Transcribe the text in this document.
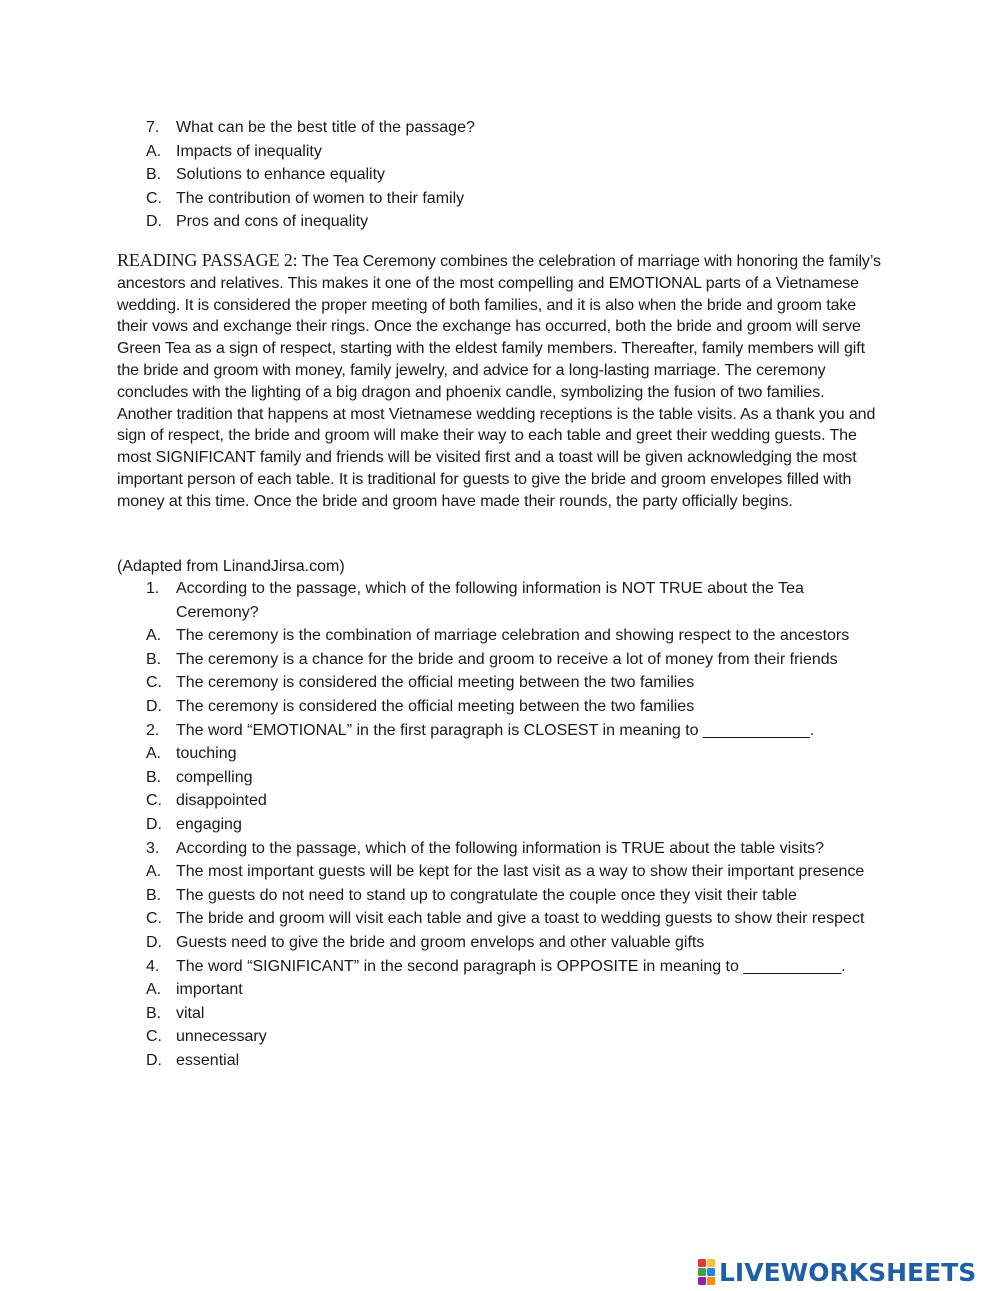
7.	What can be the best title of the passage?
A. Impacts of inequality
B. Solutions to enhance equality
C. The contribution of women to their family
D. Pros and cons of inequality

READING PASSAGE 2: The Tea Ceremony combines the celebration of marriage with honoring the family’s ancestors and relatives. This makes it one of the most compelling and EMOTIONAL parts of a Vietnamese wedding. It is considered the proper meeting of both families, and it is also when the bride and groom take their vows and exchange their rings. Once the exchange has occurred, both the bride and groom will serve Green Tea as a sign of respect, starting with the eldest family members. Thereafter, family members will gift the bride and groom with money, family jewelry, and advice for a long-lasting marriage. The ceremony concludes with the lighting of a big dragon and phoenix candle, symbolizing the fusion of two families.

Another tradition that happens at most Vietnamese wedding receptions is the table visits. As a thank you and sign of respect, the bride and groom will make their way to each table and greet their wedding guests. The most SIGNIFICANT family and friends will be visited first and a toast will be given acknowledging the most important person of each table. It is traditional for guests to give the bride and groom envelopes filled with money at this time. Once the bride and groom have made their rounds, the party officially begins.

(Adapted from LinandJirsa.com)
1.	According to the passage, which of the following information is NOT TRUE about the Tea Ceremony?
A. The ceremony is the combination of marriage celebration and showing respect to the ancestors
B. The ceremony is a chance for the bride and groom to receive a lot of money from their friends
C. The ceremony is considered the official meeting between the two families
D. The ceremony is considered the official meeting between the two families
2.	The word “EMOTIONAL” in the first paragraph is CLOSEST in meaning to ____________.
A. touching
B. compelling
C. disappointed
D. engaging
3.	According to the passage, which of the following information is TRUE about the table visits?
A. The most important guests will be kept for the last visit as a way to show their important presence
B. The guests do not need to stand up to congratulate the couple once they visit their table
C. The bride and groom will visit each table and give a toast to wedding guests to show their respect
D. Guests need to give the bride and groom envelops and other valuable gifts
4.	The word “SIGNIFICANT” in the second paragraph is OPPOSITE in meaning to ___________.
A. important
B. vital
C. unnecessary
D. essential
LIVEWORKSHEETS
